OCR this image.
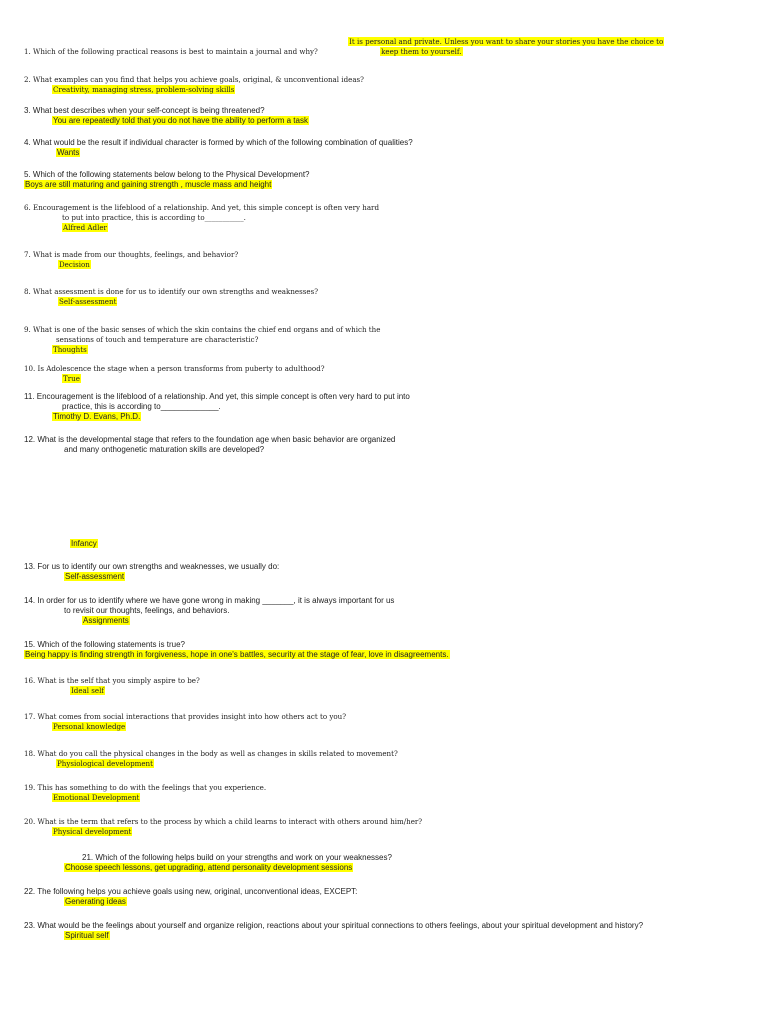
1. Which of the following practical reasons is best to maintain a journal and why? It is personal and private. Unless you want to share your stories you have the choice to
keep them to yourself.
2. What examples can you find that helps you achieve goals, original, & unconventional ideas?
Creativity, managing stress, problem-solving skills
3. What best describes when your self-concept is being threatened?
You are repeatedly told that you do not have the ability to perform a task
4. What would be the result if individual character is formed by which of the following combination of qualities?
Wants
5. Which of the following statements below belong to the Physical Development?
Boys are still maturing and gaining strength , muscle mass and height
6. Encouragement is the lifeblood of a relationship. And yet, this simple concept is often very hard
to put into practice, this is according to___________.
Alfred Adler
7. What is made from our thoughts, feelings, and behavior?
Decision
8. What assessment is done for us to identify our own strengths and weaknesses?
Self-assessment
9. What is one of the basic senses of which the skin contains the chief end organs and of which the
sensations of touch and temperature are characteristic?
Thoughts
10. Is Adolescence the stage when a person transforms from puberty to adulthood?
True
11. Encouragement is the lifeblood of a relationship. And yet, this simple concept is often very hard to put into
practice, this is according to_____________.
Timothy D. Evans, Ph.D.
12. What is the developmental stage that refers to the foundation age when basic behavior are organized
and many onthogenetic maturation skills are developed?
Infancy
13. For us to identify our own strengths and weaknesses, we usually do:
Self-assessment
14. In order for us to identify where we have gone wrong in making _______, it is always important for us
to revisit our thoughts, feelings, and behaviors.
Assignments
15. Which of the following statements is true?
Being happy is finding strength in forgiveness, hope in one's battles, security at the stage of fear, love in disagreements.
16. What is the self that you simply aspire to be?
Ideal self
17. What comes from social interactions that provides insight into how others act to you?
Personal knowledge
18. What do you call the physical changes in the body as well as changes in skills related to movement?
Physiological development
19. This has something to do with the feelings that you experience.
Emotional Development
20. What is the term that refers to the process by which a child learns to interact with others around him/her?
Physical development
21. Which of the following helps build on your strengths and work on your weaknesses?
Choose speech lessons, get upgrading, attend personality development sessions
22. The following helps you achieve goals using new, original, unconventional ideas, EXCEPT:
Generating ideas
23. What would be the feelings about yourself and organize religion, reactions about your spiritual connections to others feelings, about your spiritual development and history?
Spiritual self
